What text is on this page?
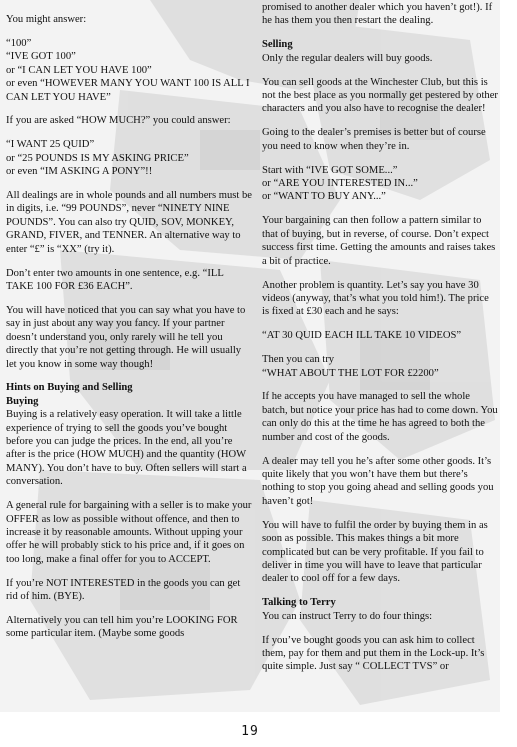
You might answer:

“100”
“IVE GOT 100”
or “I CAN LET YOU HAVE 100”
or even “HOWEVER MANY YOU WANT 100 IS ALL I CAN LET YOU HAVE”

If you are asked “HOW MUCH?” you could answer:

“I WANT 25 QUID”
or “25 POUNDS IS MY ASKING PRICE”
or even “IM ASKING A PONY”!!

All dealings are in whole pounds and all numbers must be in digits, i.e. “99 POUNDS”, never “NINETY NINE POUNDS”. You can also try QUID, SOV, MONKEY, GRAND, FIVER, and TENNER. An alternative way to enter “£” is “XX” (try it).

Don’t enter two amounts in one sentence, e.g. “ILL TAKE 100 FOR £36 EACH”.

You will have noticed that you can say what you have to say in just about any way you fancy. If your partner doesn’t understand you, only rarely will he tell you directly that you’re not getting through. He will usually let you know in some way though!

Hints on Buying and Selling
Buying

Buying is a relatively easy operation. It will take a little experience of trying to sell the goods you’ve bought before you can judge the prices. In the end, all you’re after is the price (HOW MUCH) and the quantity (HOW MANY). You don’t have to buy. Often sellers will start a conversation.

A general rule for bargaining with a seller is to make your OFFER as low as possible without offence, and then to increase it by reasonable amounts. Without upping your offer he will probably stick to his price and, if it goes on too long, make a final offer for you to ACCEPT.

If you’re NOT INTERESTED in the goods you can get rid of him. (BYE).

Alternatively you can tell him you’re LOOKING FOR some particular item. (Maybe some goods

promised to another dealer which you haven’t got!). If he has them you then restart the dealing.

Selling

Only the regular dealers will buy goods.

You can sell goods at the Winchester Club, but this is not the best place as you normally get pestered by other characters and you also have to recognise the dealer!

Going to the dealer’s premises is better but of course you need to know when they’re in.

Start with “IVE GOT SOME...”
or “ARE YOU INTERESTED IN...”
or “WANT TO BUY ANY...”

Your bargaining can then follow a pattern similar to that of buying, but in reverse, of course. Don’t expect success first time. Getting the amounts and raises takes a bit of practice.

Another problem is quantity. Let’s say you have 30 videos (anyway, that’s what you told him!). The price is fixed at £30 each and he says:

“AT 30 QUID EACH ILL TAKE 10 VIDEOS”

Then you can try
“WHAT ABOUT THE LOT FOR £2200”

If he accepts you have managed to sell the whole batch, but notice your price has had to come down. You can only do this at the time he has agreed to both the number and cost of the goods.

A dealer may tell you he’s after some other goods. It’s quite likely that you won’t have them but there’s nothing to stop you going ahead and selling goods you haven’t got!

You will have to fulfil the order by buying them in as soon as possible. This makes things a bit more complicated but can be very profitable. If you fail to deliver in time you will have to leave that particular dealer to cool off for a few days.

Talking to Terry

You can instruct Terry to do four things:

If you’ve bought goods you can ask him to collect them, pay for them and put them in the Lock-up. It’s quite simple. Just say “ COLLECT TVS” or

19
